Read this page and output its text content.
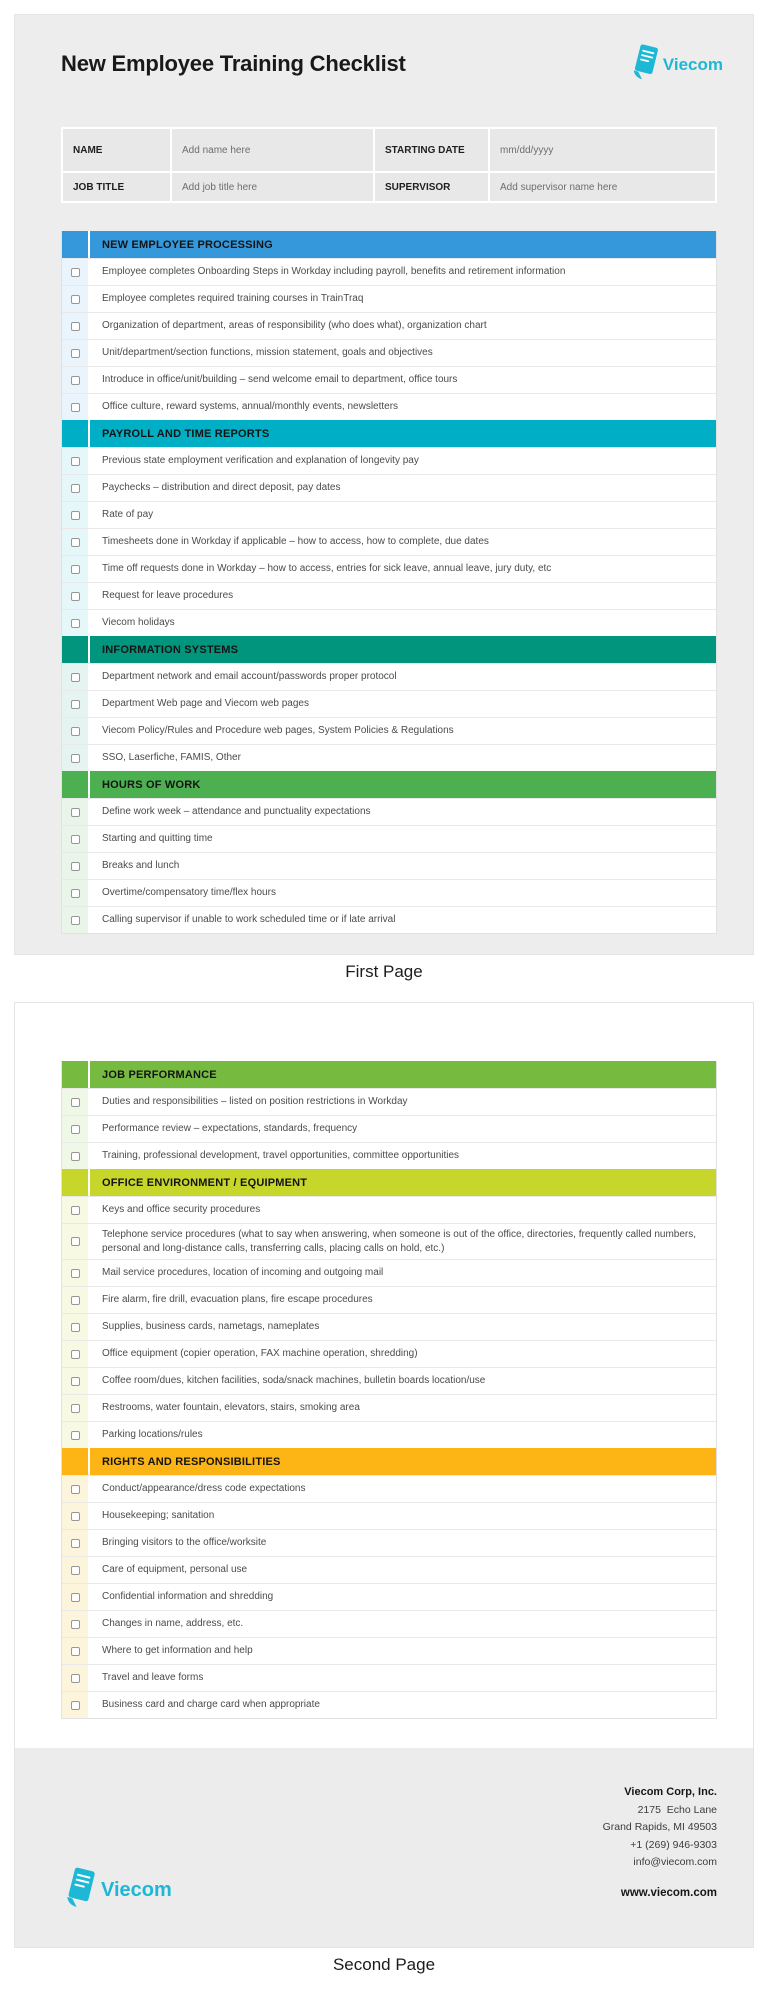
New Employee Training Checklist	Viecom
NAME	Add name here	STARTING DATE	mm/dd/yyyy
JOB TITLE	Add job title here	SUPERVISOR	Add supervisor name here
NEW EMPLOYEE PROCESSING
Employee completes Onboarding Steps in Workday including payroll, benefits and retirement information
Employee completes required training courses in TrainTraq
Organization of department, areas of responsibility (who does what), organization chart
Unit/department/section functions, mission statement, goals and objectives
Introduce in office/unit/building – send welcome email to department, office tours
Office culture, reward systems, annual/monthly events, newsletters
PAYROLL AND TIME REPORTS
Previous state employment verification and explanation of longevity pay
Paychecks – distribution and direct deposit, pay dates
Rate of pay
Timesheets done in Workday if applicable – how to access, how to complete, due dates
Time off requests done in Workday – how to access, entries for sick leave, annual leave, jury duty, etc
Request for leave procedures
Viecom holidays
INFORMATION SYSTEMS
Department network and email account/passwords proper protocol
Department Web page and Viecom web pages
Viecom Policy/Rules and Procedure web pages, System Policies & Regulations
SSO, Laserfiche, FAMIS, Other
HOURS OF WORK
Define work week – attendance and punctuality expectations
Starting and quitting time
Breaks and lunch
Overtime/compensatory time/flex hours
Calling supervisor if unable to work scheduled time or if late arrival
First Page
JOB PERFORMANCE
Duties and responsibilities – listed on position restrictions in Workday
Performance review – expectations, standards, frequency
Training, professional development, travel opportunities, committee opportunities
OFFICE ENVIRONMENT / EQUIPMENT
Keys and office security procedures
Telephone service procedures (what to say when answering, when someone is out of the office, directories, frequently called numbers, personal and long-distance calls, transferring calls, placing calls on hold, etc.)
Mail service procedures, location of incoming and outgoing mail
Fire alarm, fire drill, evacuation plans, fire escape procedures
Supplies, business cards, nametags, nameplates
Office equipment (copier operation, FAX machine operation, shredding)
Coffee room/dues, kitchen facilities, soda/snack machines, bulletin boards location/use
Restrooms, water fountain, elevators, stairs, smoking area
Parking locations/rules
RIGHTS AND RESPONSIBILITIES
Conduct/appearance/dress code expectations
Housekeeping; sanitation
Bringing visitors to the office/worksite
Care of equipment, personal use
Confidential information and shredding
Changes in name, address, etc.
Where to get information and help
Travel and leave forms
Business card and charge card when appropriate
Viecom Corp, Inc.
2175  Echo Lane
Grand Rapids, MI 49503
+1 (269) 946-9303
info@viecom.com
www.viecom.com
Viecom
Second Page
